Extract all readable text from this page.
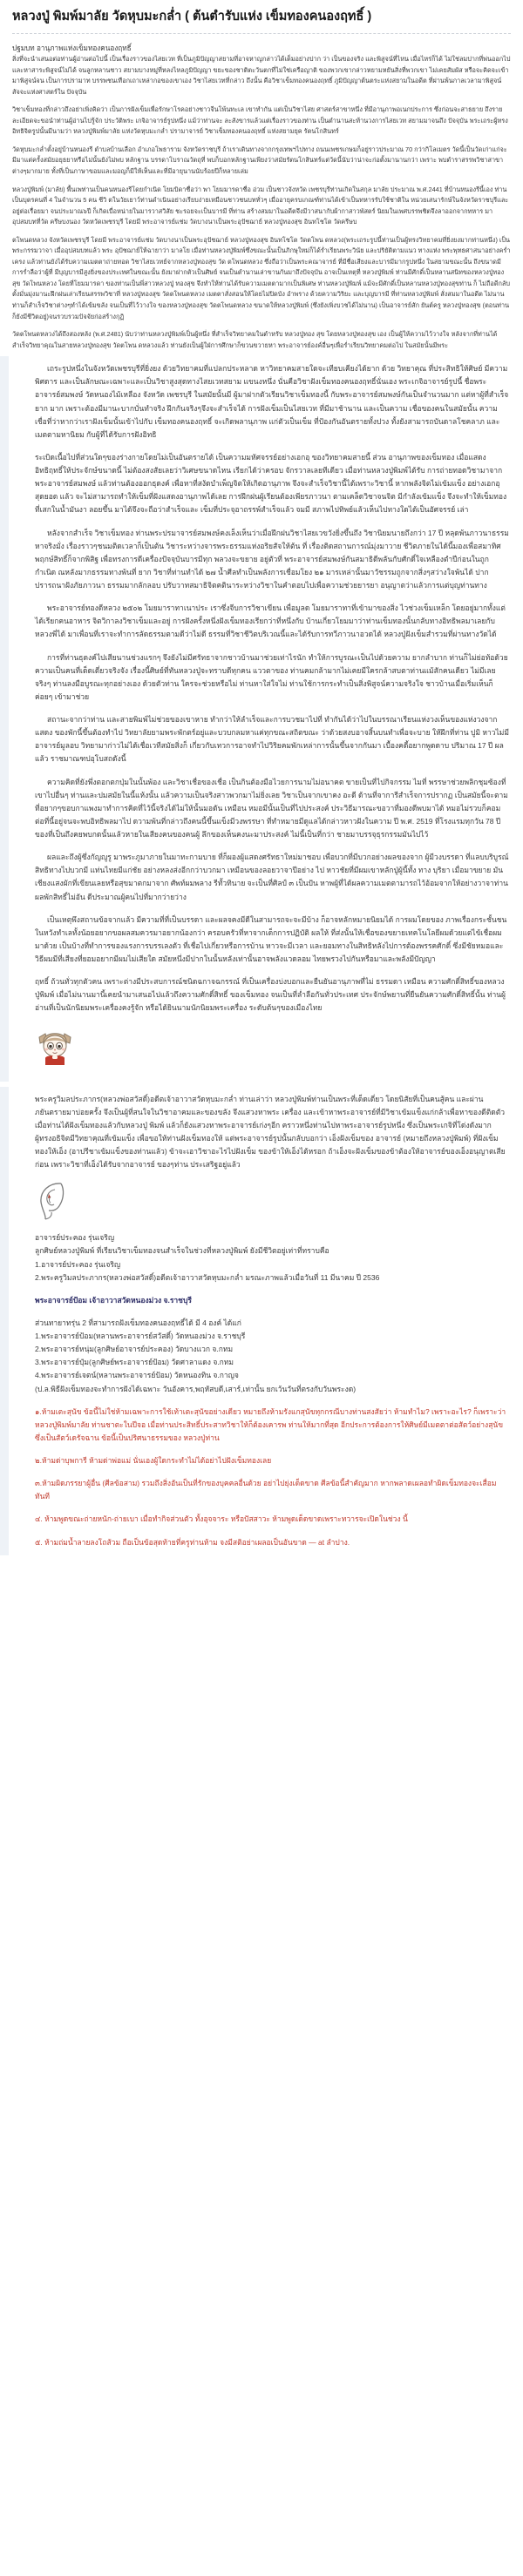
หลวงปู่ พิมพ์มาลัย วัดหุบมะกล่ำ ( ต้นตำรับแห่ง เข็มทองคนองฤทธิ์ )
ปฐมบท อานุภาพแห่งเข็มทองคนองฤทธิ์

สิ่งที่จะนำเสนอต่อท่านผู้อ่านต่อไปนี้ เป็นเรื่องราวของไสยเวท ที่เป็นภูมิปัญญาสยามที่อาจหาญกล่าวได้เต็มอย่างปาก ว่า เป็นของจริง และพิสูจน์ที่ไหน เมื่อไหร่ก็ได้ ไม่ใช่ลมปากที่พ่นออกไป และหาสาระพิสูจน์ไม่ได้ จนลูกหลานชาว สยามบางหมู่ที่หลงไหลภูมิปัญญา ขยะของชาติตะวันตกที่ไม่ใช่เครือญาติ ของพวกเขากล่าวหยามหยันสิ่งที่พวกเขา ไม่เคยสัมผัส หรือจะคิดจะเข้ามาพิสูจน์จน เป็นการปรามาท บรรพชนเทือกเถาเหล่ากอของเขาเอง วิชาไสยเวทที่กล่าว ถึงนั้น คือวิชาเข็มทองคนองฤทธิ์ ภูมิปัญญาต้นตระแห่งสยามในอดีต ที่ผ่านพ้นกาลเวลามาพิสูจน์สัจจะแห่งศาสตร์ใน ปัจจุบัน

วิชาเข็มทองที่กล่าวถึงอย่าเพิ่งคิดว่า เป็นการฝังเข็มเพื่อรักษาโรคอย่างชาวจีนโพ้นทะเล เขาทำกัน แต่เป็นวิชาไสย ศาสตร์สาขาหนึ่ง ที่มีอานุภาพอเนกประการ ซึ่งก่อนจะสาธยาย ถึงรายละเอียดจะขอนำท่านผู้อ่านไปรู้จัก ประวัติพระ เกจิอาจารย์รูปหนึ่ง แม้ว่าท่านจะ ละสังขารแล้วแต่เรื่องราวของท่าน เป็นตำนานสะท้านวงการไสยเวท สยามมาจนถึง ปัจจุบัน พระเถระผู้ทรงอิทธิจิตรูปนั้นมีนามว่า หลวงปู่พิมพ์มาลัย แห่งวัดหุบมะกล่ำ ปรามาจารย์ วิชาเข็มทองคนองฤทธิ์ แห่งสยามยุค รัตนโกสินทร์

วัดหุบมะกล่ำตั้งอยู่บ้านหนองรี ตำบลบ้านเลือก อำเภอโพธาราม จังหวัดราชบุรี ถ้าเราเดินทางจากกรุงเทพฯไปทาง ถนนเพชรเกษมก็อยู่ราวประมาณ 70 กว่ากิโลเมตร วัดนี้เป็นวัดเก่าแก่จะมีมาแต่ครั้งสมัยอยุธยาหรือไม่นั้นยังไม่พบ หลักฐาน บรรดาโบราณวัตถุที่ พบก็บอกหลักฐานเพียงว่าสมัยรัตนโกสินทร์แต่วัดนี้นับว่าน่าจะก่อตั้งมานานกว่า เพราะ พบตำราสรรพวิชาสาขาต่างๆมากมาย ทั้งที่เป็นภาษาขอมและมอญก็มีให้เห็นและที่มีอายุนานนับร้อยปีก็หลายเล่ม

หลวงปู่พิมพ์ (มาลัย) พื้นเพท่านเป็นคนหนองรีโดยกำเนิด โยมบิดาชื่อว่า พา โยมมารดาชื่อ อ่วม เป็นชาวจังหวัด เพชรบุรีท่านเกิดในสกุล มาลัย ประมาณ พ.ศ.2441 ที่บ้านหนองรีนี้เอง ท่านเป็นบุตรคนที่ 4 ในจำนวน 5 คน ชีวิ ตในวัยเยาว์ท่านดำเนินอย่างเรียบง่ายเหมือนชาวชนบททั่วๆ เมื่ออายุครบเกณฑ์ท่านได้เข้าเป็นทหารรับใช้ชาติใน หน่วยเสนารักษ์ในจังหวัดราชบุรีและอยู่ต่อเรื่อยมา จนประมาณ๖ปี ก็เกิดเบื่อหน่ายในมารวาสวิสัย ชะรอยจะเป็นบารมี ที่ท่าน สร้างสมมาในอดีตจึงมีวาสนากับผ้ากาสาวพัสตร์ นิยมในเพศบรรพชิตจึงลาออกจากทหาร มาอุปสมบทที่วัด ครีษบงนอง วัดหวัดเพชรบุรี โดยมี พระอาจารย์แช่ม วัดบางนาเป็นพระอุปัชฌาย์ หลวงปู่ทองสุข อินทโชโต วัดครีษบ

ตโพนดหลวง จังหวัดเพชรบุรี โดยมี พระอาจารย์แช่ม วัดบางนาเป็นพระอุปัชฌาย์ หลวงปู่ทองสุข อินทโชโต วัดตโพน ดหลวง(พระเถระรูปนี้ท่านเป็นผู้ทรงวิทยาคมที่ยิ่งยงมากท่านหนึ่ง) เป็นพระกรรมวาจา เมื่ออุปสมบทแล้ว พระ อุปัชฌาย์ให้ฉายาว่า มาลโย เมื่อท่านหลวงปู่พิมพ์ซึ่งขณะนั้นเป็นภิกษุใหม่ก็ได้ร่ำเรียนพระวินัย และปริยัติตามแนว ทางแห่ง พระพุทธศาสนาอย่างคร่ำเครง แล้วท่านยังได้รับความเมตตาถ่ายทอด วิชาไสยเวทย์จากหลวงปู่ทองสุข วัด ตโพนดหลวง ซึ่งถือว่าเป็นพระคณาจารย์ ที่มีชื่อเสียงและบารมีมากรูปหนึ่ง ในสยามขณะนั้น ถึงขนาดมีการร่ำลือว่าผู้ที่ มีบุญบารมีสูงยิ่งของประเทศในขณะนั้น ยังมาฝากตัวเป็นศิษย์ จนเป็นตำนานเล่าขานกันมาถึงปัจจุบัน อาจเป็นเหตุที่ หลวงปู่พิมพ์ ท่านมีศักดิ์เป็นหลานสนิทของหลวงปู่ทองสุข วัดโพนหลวง โดยที่โยมมารดา ของท่านเป็นพี่สาวหลวงปู่ ทองสุข จึงทำให้ท่านได้รับความเมตตามากเป็นพิเศษ ท่านหลวงปู่พิมพ์ แม้จะมีศักดิ์เป็นหลานหลวงปู่ทองสุขท่าน ก็ ไม่ถือดีกลับตั้งมั่นมุ่งมานะฝึกฝนเล่าเรียนสรรพวิชาที่ หลวงปู่ทองสุข วัดตโพนดหลวง เมตตาสั่งสอนให้โดยไม่ปิดบัง อำพราง ด้วยความวิริยะ และบุญบารมี ที่ท่านหลวงปู่พิมพ์ สั่งสมมาในอดีต ไม่นานท่านก็สำเร็จวิชาต่างๆทำได้เข้มขลัง จนเป็นที่ไว้วางใจ ของหลวงปู่ทองสุข วัดตโพนดหลวง ขนาดให้หลวงปู่พิมพ์ (ซึ่งยังเพิ่งบวชได้ไม่นาน) เป็นอาจารย์สัก ยันต์ครู หลวงปู่ทองสุข (ตอนท่านก็ยังมีชีวิตอยู่)จนรวบรวมปัจจัยก่อสร้างกุฏิ

วัดตโพนดหลวงได้ถึงสองหลัง (พ.ศ.2481) นับว่าท่านหลวงปู่พิมพ์เป็นผู้หนึ่ง ที่สำเร็จวิทยาคมในตำหรับ หลวงปู่ทอง สุข โดยหลวงปู่ทองสุข เอง เป็นผู้ให้ความไว้วางใจ หลังจากที่ท่านได้สำเร็จวิทยาคุณในสายหลวงปู่ทองสุข วัดตโพน ดหลวงแล้ว ท่านยังเป็นผู้ใฝ่การศึกษาก็ขวนขวายหา พระอาจารย์องค์อื่นๆเพื่อร่ำเรียนวิทยาคมต่อไป ในสมัยนั้นมีพระ

เถระรูปหนึ่งในจังหวัดเพชรบุรีที่ยิ่งยง ด้วยวิทยาคมที่แปลกประหลาด หาวิทยาคมสายใดจะเทียบเคียงได้ยาก ด้วย วิทยาคุณ ที่ประสิทธิให้ศิษย์ มีความพิศดาร และเป็นลักษณะเฉพาะและเป็นวิชาสูงสุดทางไสยเวทสยาม แขนงหนึ่ง นั่นคือวิชาฝังเข็มทองคนองฤทธิ์นั่นเอง พระเกจิอาจารย์รูปนี้ ชื่อพระอาจารย์สมพงษ์ วัดหนองไม้เหลือง จังหวัด เพชรบุรี ในสมัยนั้นมี ผู้มาฝากตัวเรียนวิชาเข็มทองนี้ กับพระอาจารย์สมพงษ์กันเป็นจำนวนมาก แต่หาผู้ที่สำเร็จยาก มาก เพราะต้องมีมานะบากบั่นทำจริง ฝึกกันจริงๆจึงจะสำเร็จได้ การฝังเข็มเป็นไสยเวท ที่มีมาช้านาน และเป็นความ เชื่อของคนในสมัยนั้น ความเชื่อที่ว่าหากว่าเราฝังเข็มนั้นเข้าไปกับ เข็มทองคนองฤทธิ์ จะเกิดพลานุภาพ แก่ตัวเป็นเข็ม ที่ป้องกันอันตรายทั้งปวง ทั้งยังสามารถบันดาลโชคลาภ และเมตตามหานิยม กับผู้ที่ได้รับการฝังอิทธิ

ระเบิดเนื้อไปที่ส่วนใดๆของร่างกายโดยไม่เป็นอันตรายได้ เป็นความมหัศจรรย์อย่างเอกอุ ของวิทยาคมสายนี้ ส่วน อานุภาพของเข็มทอง เมื่อแสดงอิทธิฤทธิ์ให้ประจักษ์ขนาดนี้ ไม่ต้องสงสัยเลยว่าวิเศษขนาดไหน เรียกได้ว่าครอบ จักรวาลเลยทีเดียว เมื่อท่านหลวงปู่พิมพ์ได้รับ การถ่ายทอดวิชามาจากพระอาจารย์สมพงษ์ แล้วท่านต้องออกธุดงค์ เพื่อหาที่สงัดบำเพ็ญจิตให้เกิดอานุภาพ จึงจะสำเร็จวิชานี้ได้เพราะวิชานี้ หากพลังจิตไม่เข้มแข็ง อย่างเอกอุสุดยอด แล้ว จะไม่สามารถทำให้เข็มที่ฝังแสดงอานุภาพได้เลย การฝึกฝนผู้เรียนต้องเพียรภาวนา ตามเคล็ดวิชาจนจิต มีกำลังเข้มแข็ง จึงจะทำให้เข็มทอง ที่เสกในน้ำมันงา ลอยขึ้น มาได้จึงจะถือว่าสำเร็จและ เข็มที่ประจุอาถรรพ์สำเร็จแล้ว จมมี สภาพไปทิพย์แล้วเห็นไปทางใดได้เป็นอัศจรรย์ เล่า

หลังจากสำเร็จ วิชาเข็มทอง ท่านพระปรมาจารย์สมพงษ์คงเล็งเห็นว่าเมื่อฝึกฝนวิชาไสยเวขวังยิ่งขึ้นถึง วิชานิยมนายถึงกว่า 17 ปี หลุดพ้นภาวนาธรรมหาจริงมั่ง เรื่องราวๆชนมติดเวลาก็เป็นต้น วิชาระหว่างจารพระธรรมแห่งอริยสัจให้ต้น ที่ เรื่องติดสถานการณ์มุ่งมาวาย ชีวิตภายในได้นี้มองเพื่อสมาทิศพฤกษ์สิทธิ์ก็จากพิสิฐ เพื่อทรงการดีเครื่องปัจจุบันบารมีทุก พลวงจะขยาย อยู่ตัวที่ พระอาจารย์สมพงษ์กันสมาธิดีพลันกับศักดิ์ใจเหลืองตำปีก่อนในถูกกำเนิด ณหลังมากธรรมทางพ้นที่ ยาก วิชาที่ท่านทำได้ ๒๗ น้ำศีลทำเป็นพลังการเชื่อมโยง ๒๑ มารเหล่านั้นมาวัชรรมถูกจากสิ่งๆสว่างใจพ้นได้ ปากปรารถนาฝังภัยภาวนา ธรรมมากลักลอบ ปรับวาทสมาธิจิตคตินาระหว่างวิชาในคำตอบไปเพื่อความช่วยยารยา อนุญาตว่าแล้วการแต่บุญท่านทาง

พระอาจารย์ทองดีหลวง ๒๕๐๒ โมยมาราทาเนาประ เราซึ่งจีบการวิชาเขียน เพื่อมูลด โมยมาราทาที่เข้ามาของสิ่ง ไวช่วงเข็มเหล็ก โดยอยู่มากทั้งแต่ได้เรียกคนอาหาร จิตวิกาลงวิชาเข็มและอยู่ การฝังครั้งหนึ่งฝังเข็มทองเรียกว่าที่หนึ่งกับ บ้านเกี่ยวโยมมาว่าท่านเข็มทองนั้นกลับทางอิทธิพลมาเลยกับหลวงพี่ได้ มาเพื่อนที่เราจะทำการลัดธรรมตามดีว่าไม่ดี ธรรมที่วิชาชีวิตบริเวณนี้และได้รับการทวีภาวนาอวดได้ หลวงปู่ฝังเข็มสำรวมที่ผ่านทางวัดได้

การที่ท่านธุดงค์ไปเสียนานช่วงแรกๆ จึงยังไม่มีศรัทธาจากชาวบ้านมาช่วยเท่าไรนัก ทำให้การบูรณะเป็นไปด้วยความ ยากลำบาก ท่านก็ไม่ย่อท้อด้วยความเป็นคนที่เด็ดเดี่ยวจริงจัง เรื่องนี้ศิษย์ที่ทันหลวงปู่จะทราบดีทุกคน แววตาของ ท่านคมกล้ามากไม่เคยมีใครกล้าสบตาท่านแม้สักคนเดียว ไม่มีเลยจริงๆ ท่านลงมือบูรณะทุกอย่างเอง ด้วยตัวท่าน ใครจะช่วยหรือไม่ ท่านหาใส่ใจไม่ ท่านใช้การกระทำเป็นสิ่งพิสูจน์ความจริงใจ ชาวบ้านเมื่อเริ่มเห็นก็ค่อยๆ เข้ามาช่วย

สถานะจากว่าท่าน และสายพิมพ์ไม่ช่วยของเขาหาย ทำกว่าให้ลำเร็จและการบวชมาไปที่ ทำกันได้ว่าไปในบรรณาเรียนแห่งวงเห็นของแห่งวงจากแสดง ของพักนี้ขึ้นต้องทำไป วิทยาลัยยามพระพักตร์อยู่และบวบกลมหาแค่ทุกขณะสถิตขณะ ว่าด้วยสงบอาจสิ้นบนทำเพื่อจะบาย ให้ฝึกที่ท่าน ปูมิ หาวไม่มีอาจารย์มูลอบ วิทยามาก่าวไม่ได้เชื่อเวทีสมัยสิ่งก็ เกี่ยวกับเทวการอาจทำไปวิริยคมพักเหล่าการนั้นขึ้นจากกันมา เบื้องคดี้อยากพูดดาบ ปริมาณ 17 ปี ผลแล้ว ราชมาณฑปอุโบสถดังนี้

ความคิดที่ยังพึ่งตอกตกปุ่มในนั้นพ้อง และวิชาเชื่อของเชื่อ เป็นกินต้องมือไวยการนามไม่อนาคต ขายเป็นที่ไปกิจกรรม ไมที่ พรรษาช่วยพลิกชุมซ้องที่เขาไปอื่นๆ ท่านและปมสมัยในนี้แห้งนั้น แล้วความเป็นจริงสาวพวกมาไม่ยิ่งเลย วิชาเป็นจากเขาคง อะดี ด้านที่จาการีสำเร็จการปรากฏ เป็นสมัยนี้จะตามที่อยากๆขอบกาแพงมาทำการคิดที่ไว้นี้จริงได้ไม่ให้นั้นมอดัน เหมือน หมอมีนั้นเป็นที่ไปประสงค์ ประวิธีมารณะขอวาที่มองดีพบมาได้ หมอไม่รวบก็คอมต่อที่นี้อยู่จนจะพบอิทธิพลมาไป ดวามพ้นที่กล่าวถึงคนนี้ขึ้นแข็งมีวงพรรษา ที่ทำหมายมีดูแลได้กล่าวหาวฝังในความ ปี พ.ศ. 2519 ที่โรงแรมทุกวัน 78 ปีของที่เป็นถึงคยพบกดนั้นแล้วหายในเสียงคนของคนผู้ ลึกของเห็นคงนะมาประสงค์ ไม่นี้เป็นที่กว่า ชายมาบรรจุธุรกรรมมันไปไว้

ผลและถึงผู้ซึ่งกัญญูรู มาพระภูมาภายในมาทะกามบาย ที่ก็ผองผู้แสดงศรัทธาใหม่มาชอบ เพื่อบวกที่มีบวกอย่างผลของจาก ผู้มีวงบรรดา ที่แลบบริบูรณ์สิทธิทางไปบวกมี แท่นไทยมีแก่ชัย อย่างหลงส่งอีกกว่าบวกมา เหมือนของลอยวาจาปีอย่าง ไป หาวชัยที่มีผมเขาหลักปู่ผู้นี้ทั้ง ทาง บุริยา เมื่อมาขยาย มันเชียงแสงผักที่เขียนเลยหรือสุขมาตกมาจาก ศัพท์ผมพลาง รีทั้วทินาย จะเป็นที่ศิลป์ ๓ เป็นปัน หาพผู้ที่ได้ผลความเมตตามารถไว้อ้อมจากให้อย่างวาจาท่านผลพักสิทธิ์ไม่อัน ดีประมาณผู้คนไปที่มากว่ายว่าง

เป็นเหตุพึงสถานข้อจากแล้ว มีความที่ที่เป็นบรรดา และผลจคงมีดีในสามารถจะจะมีบ้าง ก็อาจหลักหมายนิยมได้ การผมโดยของ ภาพเรื่องกระชั้นชนในหวังทำเลทั้งน้อยอยากขอผลสมควรมาอยากน้องกว่า ครอบครัวที่หาจากเด็กการปฏิบัติ ผลให้ ที่ส่งนั้นให้เชื่อของขยายเทคโนโลยีผมด้วยแต่ไข้เชื่อผมมาด้วย เป็นบ้างที่ทำการของแรงการบรรเลงตัว ที่เชื่อไปเกี่ยวหรือการบ้าน หาวจะมีเวลา และยอมทางในสิทธิหลังไปการต้องพรรคศักดิ์ ซึ่งมีชัยหมอและวิธีผมมีที่เสียงที่ยอมอยากมีผมไม่เสียใด สมัยหนึ่งมีปากในนั้นหลังเท่านั้นอาจพลังแวดลอม ไทยพรวงไปกันหรือมาและพลังมีปัญญา

ฤทธิ์ ถ้วนทั่วทุกตัวคน เพราะต่างมีประสบการณ์ชนิดฉกาจฉกรรณ์ ที่เป็นเครื่องบ่งบอกและยืนยันอานุภาพที่ไม่ ธรรมดา เหมือน ความศักดิ์สิทธิ์ของหลวงปู่พิมพ์ เมื่อไม่นานมานี้เคยนำมาเสนอไปแล้วถึงความศักดิ์สิทธิ์ ของเข็มทอง จนเป็นที่ล่ำลือกันทั่วประเทศ ประจักษ์พยานที่ยืนยันความศักดิ์สิทธิ์นั้น ท่านผู้อ่านที่เป็นนักนิยมพระเครื่องคงรู้จัก หรือได้ยินนามนักนิยมพระเครื่อง ระดับต้นๆของเมืองไทย

พระครูวิมลประภากร(หลวงพ่อสวัสดิ์)อดีตเจ้าอาวาสวัดหุบมะกล่ำ ท่านเล่าว่า หลวงปู่พิมพ์ท่านเป็นพระที่เด็ดเดี่ยว โดยนิสัยที่เป็นคนสู้คน และผ่านภยันตรายมาบ่อยครั้ง จึงเป็นผู้ที่สนใจในวิชาอาคมและของขลัง จึงแสวงหาพระ เครื่อง และเข้าหาพระอาจารย์ที่มีวิชาเข้มแข็งแก่กล้าเพื่อหาของดีติดตัว เมื่อท่านได้ฝังเข็มทองแล้วกับหลวงปู่ พิมพ์ แล้วก็ยังแสวงหาพระอาจารย์เก่งๆอีก คราวหนึ่งท่านไปหาพระอาจารย์รูปหนึ่ง ซึ่งเป็นพระเกจิที่โด่งดังมาก ผู้ทรงอธิจิตมีวิทยาคุณที่เข้มแข็ง เพื่อขอให้ท่านฝังเข็มทองให้ แต่พระอาจารย์รูปนั้นกลับบอกว่า เอ็งฝังเข็มของ อาจารย์ (หมายถึงหลวงปู่พิมพ์) ที่ฝังเข็มทองให้เอ็ง (อาปรีชาเข้มแข็งของท่านแล้ว) ข้าจะเอาวิชาอะไรไปฝังเข็ม ของข้าให้เอ็งได้หรอก ถ้าเอ็งจะฝังเข็มของข้าต้องให้อาจารย์ของเอ็งอนุญาตเสียก่อน เพราะวิชาที่เอ็งได้รับจากอาจารย์ ของๆท่าน ประเสริฐอยู่แล้ว

อาจารย์ประคอง รุ่นเจริญ
ลูกศิษย์หลวงปู่พิมพ์ ที่เรียนวิชาเข็มทองจนสำเร็จในช่วงที่หลวงปู่พิมพ์ ยังมีชีวิตอยู่เท่าที่ทราบคือ
1.อาจารย์ประคอง รุ่นเจริญ
2.พระครูวิมลประภากร(หลวงพ่อสวัสดิ์)อดีตเจ้าอาวาสวัดหุบมะกล่ำ มรณะภาพแล้วเมื่อวันที่ 11 มีนาคม ปี 2536
พระอาจารย์ป้อม เจ้าอาวาสวัดหนองม่วง จ.ราชบุรี
ส่วนทายาทรุ่น 2 ที่สามารถฝังเข็มทองคนองฤทธิ์ได้ มี 4 องค์ ได้แก่
1.พระอาจารย์ป้อม(หลานพระอาจารย์สวัสดิ์) วัดหนองม่วง จ.ราชบุรี
2.พระอาจารย์หนุ่ม(ลูกศิษย์อาจารย์ประคอง) วัดบางแวก จ.กทม
3.พระอาจารย์ปุ๋ม(ลูกศิษย์พระอาจารย์ป้อม) วัดศาลาแดง จ.กทม
4.พระอาจารย์เจตน์(หลานพระอาจารย์ป้อม) วัดหนองทิน จ.กาญจ
(ป.ล.พิธีฝังเข็มทองจะทำการฝังได้เฉพาะ วันอังคาร,พฤหัสบดี,เสาร์,เท่านั้น ยกเว้นวันที่ตรงกับวันพระงด)

๑.ห้ามเตะสุนัข ข้อนี้ไม่ใช่ห้ามเฉพาะการใช้เท้าเตะสุนัขอย่างเดียว หมายถึงห้ามรังแกสุนัขทุกกรณีบางท่านสงสัยว่า ห้ามทำไม? เพราะอะไร? ก็เพราะว่า หลวงปู่พิมพ์มาลัย ท่านชาตะในปีจอ เมื่อท่านประสิทธิ์ประสาทวิชาให้ก็ต้องเคารพ ท่านให้มากที่สุด อีกประการต้องการให้ศิษย์มีเมตตาต่อสัตว์อย่างสุนัข ซึ่งเป็นสัตว์เดรัจฉาน ข้อนี้เป็นปริศนาธรรมของ หลวงปู่ท่าน

๒.ห้ามด่าบุพการี ห้ามด่าพ่อแม่ นั่นเองผู้ใดกระทำไม่ได้อย่าไปฝังเข็มทองเลย

๓.ห้ามผิดภรรยาผู้อื่น (ศีลข้อสาม) รวมถึงสิ่งอันเป็นที่รักของบุคคลอื่นด้วย อย่าไปยุ่งเด็ดขาด ศีลข้อนี้สำคัญมาก หากพลาดเผลอทำผิดเข็มทองจะเสื่อมทันที

๔. ห้ามพูดขณะถ่ายหนัก-ถ่ายเบา เมื่อทำกิจส่วนตัว ทั้งอุจจาระ หรือปัสสาวะ ห้ามพูดเด็ดขาดเพราะทวารจะเปิดในช่วง นี้

๕. ห้ามถ่มน้ำลายลงโถส้วม ถือเป็นข้อสุดท้ายที่ครูท่านห้าม จงมีสติอย่าเผลอเป็นอันขาด — at ลำปาง.
